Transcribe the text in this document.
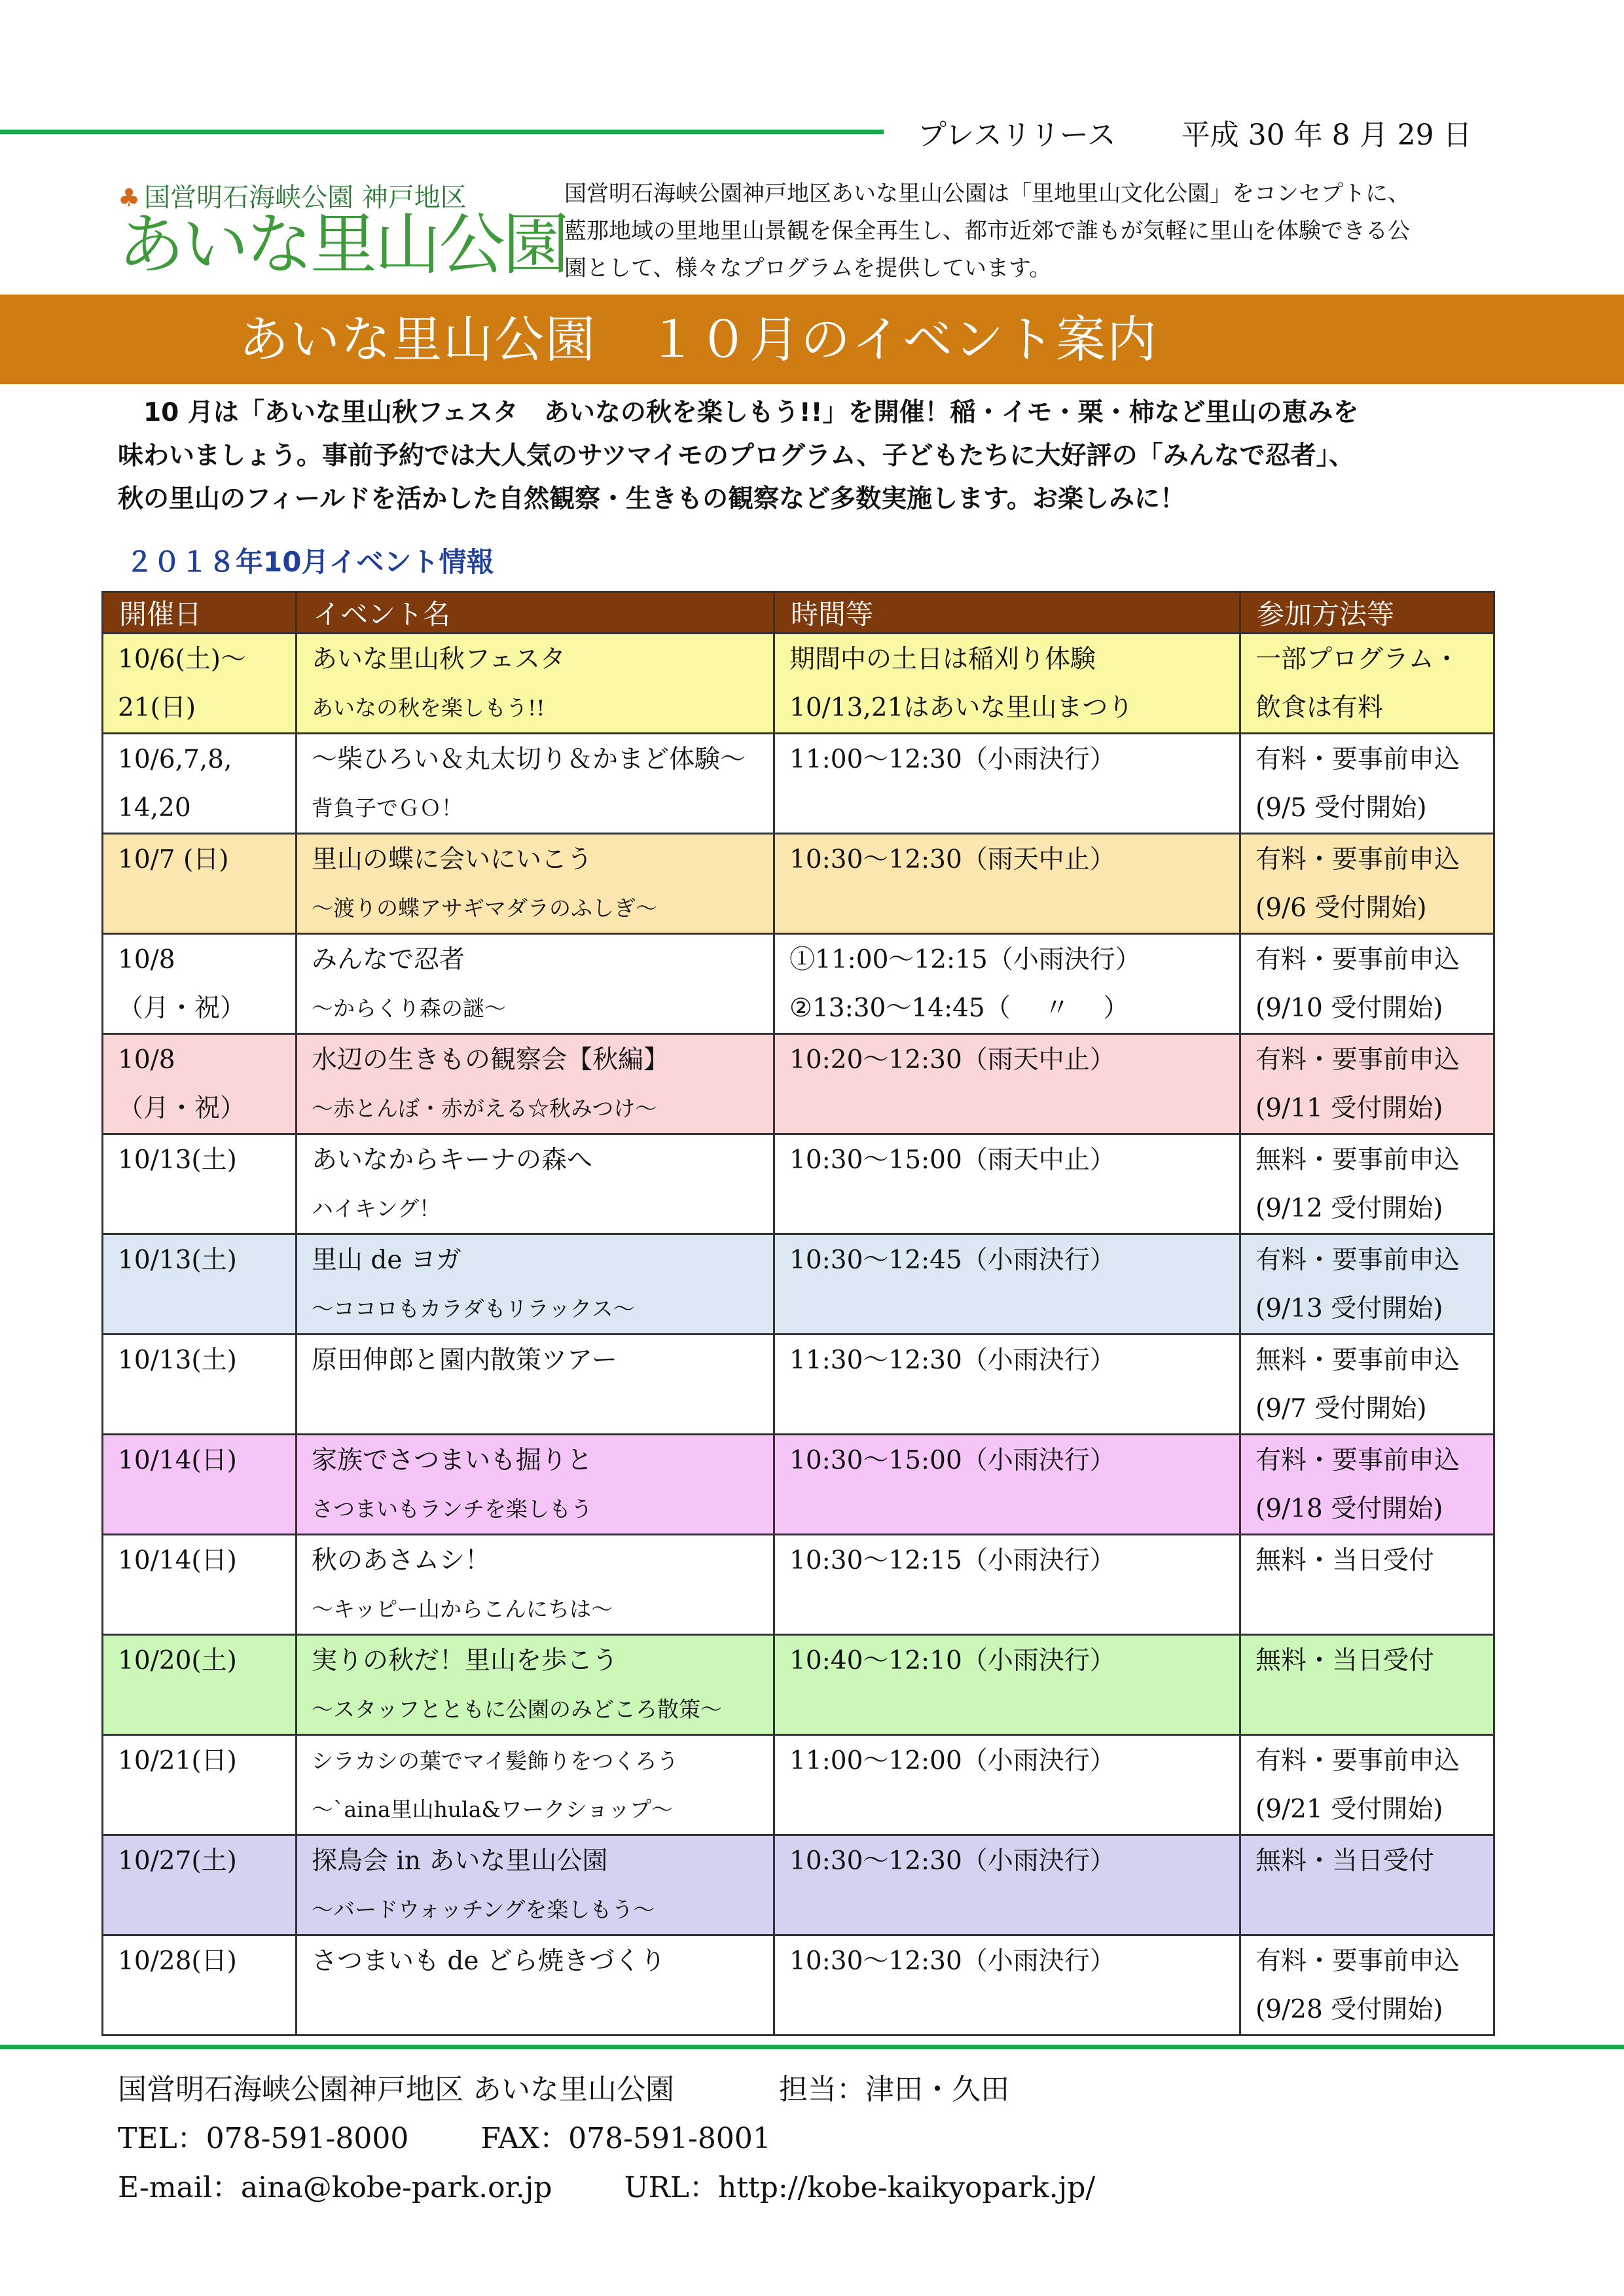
プレスリリース 平成 30 年 8 月 29 日
♣ 国営明石海峡公園 神戸地区
あいな里山公園
国営明石海峡公園神戸地区あいな里山公園は「里地里山文化公園」をコンセプトに、
藍那地域の里地里山景観を保全再生し、都市近郊で誰もが気軽に里山を体験できる公
園として、様々なプログラムを提供しています。
あいな里山公園　１０月のイベント案内
　10 月は「あいな里山秋フェスタ　あいなの秋を楽しもう!!」を開催！稲・イモ・栗・柿など里山の恵みを
味わいましょう。事前予約では大人気のサツマイモのプログラム、子どもたちに大好評の「みんなで忍者」、
秋の里山のフィールドを活かした自然観察・生きもの観察など多数実施します。お楽しみに！
２０１８年10月イベント情報
開催日	イベント名	時間等	参加方法等

10/6(土)～
21(日)	あいな里山秋フェスタ
あいなの秋を楽しもう!!	期間中の土日は稲刈り体験
10/13,21はあいな里山まつり	一部プログラム・
飲食は有料

10/6,7,8,
14,20	～柴ひろい＆丸太切り＆かまど体験～
背負子でＧＯ！	11:00～12:30（小雨決行）	有料・要事前申込
(9/5 受付開始)

10/7 (日)	里山の蝶に会いにいこう
～渡りの蝶アサギマダラのふしぎ～	10:30～12:30（雨天中止）	有料・要事前申込
(9/6 受付開始)

10/8
（月・祝）	みんなで忍者
～からくり森の謎～	①11:00～12:15（小雨決行）
②13:30～14:45（　 〃　 ）	有料・要事前申込
(9/10 受付開始)

10/8
（月・祝）	水辺の生きもの観察会【秋編】
～赤とんぼ・赤がえる☆秋みつけ～	10:20～12:30（雨天中止）	有料・要事前申込
(9/11 受付開始)

10/13(土)	あいなからキーナの森へ
ハイキング！	10:30～15:00（雨天中止）	無料・要事前申込
(9/12 受付開始)

10/13(土)	里山 de ヨガ
～ココロもカラダもリラックス～	10:30～12:45（小雨決行）	有料・要事前申込
(9/13 受付開始)

10/13(土)	原田伸郎と園内散策ツアー	11:30～12:30（小雨決行）	無料・要事前申込
(9/7 受付開始)

10/14(日)	家族でさつまいも掘りと
さつまいもランチを楽しもう	10:30～15:00（小雨決行）	有料・要事前申込
(9/18 受付開始)

10/14(日)	秋のあさムシ！
～キッピー山からこんにちは～	10:30～12:15（小雨決行）	無料・当日受付

10/20(土)	実りの秋だ！里山を歩こう
～スタッフとともに公園のみどころ散策～	10:40～12:10（小雨決行）	無料・当日受付

10/21(日)	シラカシの葉でマイ髪飾りをつくろう
～`aina里山hula&ワークショップ～	11:00～12:00（小雨決行）	有料・要事前申込
(9/21 受付開始)

10/27(土)	探鳥会 in あいな里山公園
～バードウォッチングを楽しもう～	10:30～12:30（小雨決行）	無料・当日受付

10/28(日)	さつまいも de どら焼きづくり	10:30～12:30（小雨決行）	有料・要事前申込
(9/28 受付開始)
国営明石海峡公園神戸地区 あいな里山公園	担当：津田・久田
TEL：078-591-8000	FAX：078-591-8001
E-mail：aina@kobe-park.or.jp	URL：http://kobe-kaikyopark.jp/
